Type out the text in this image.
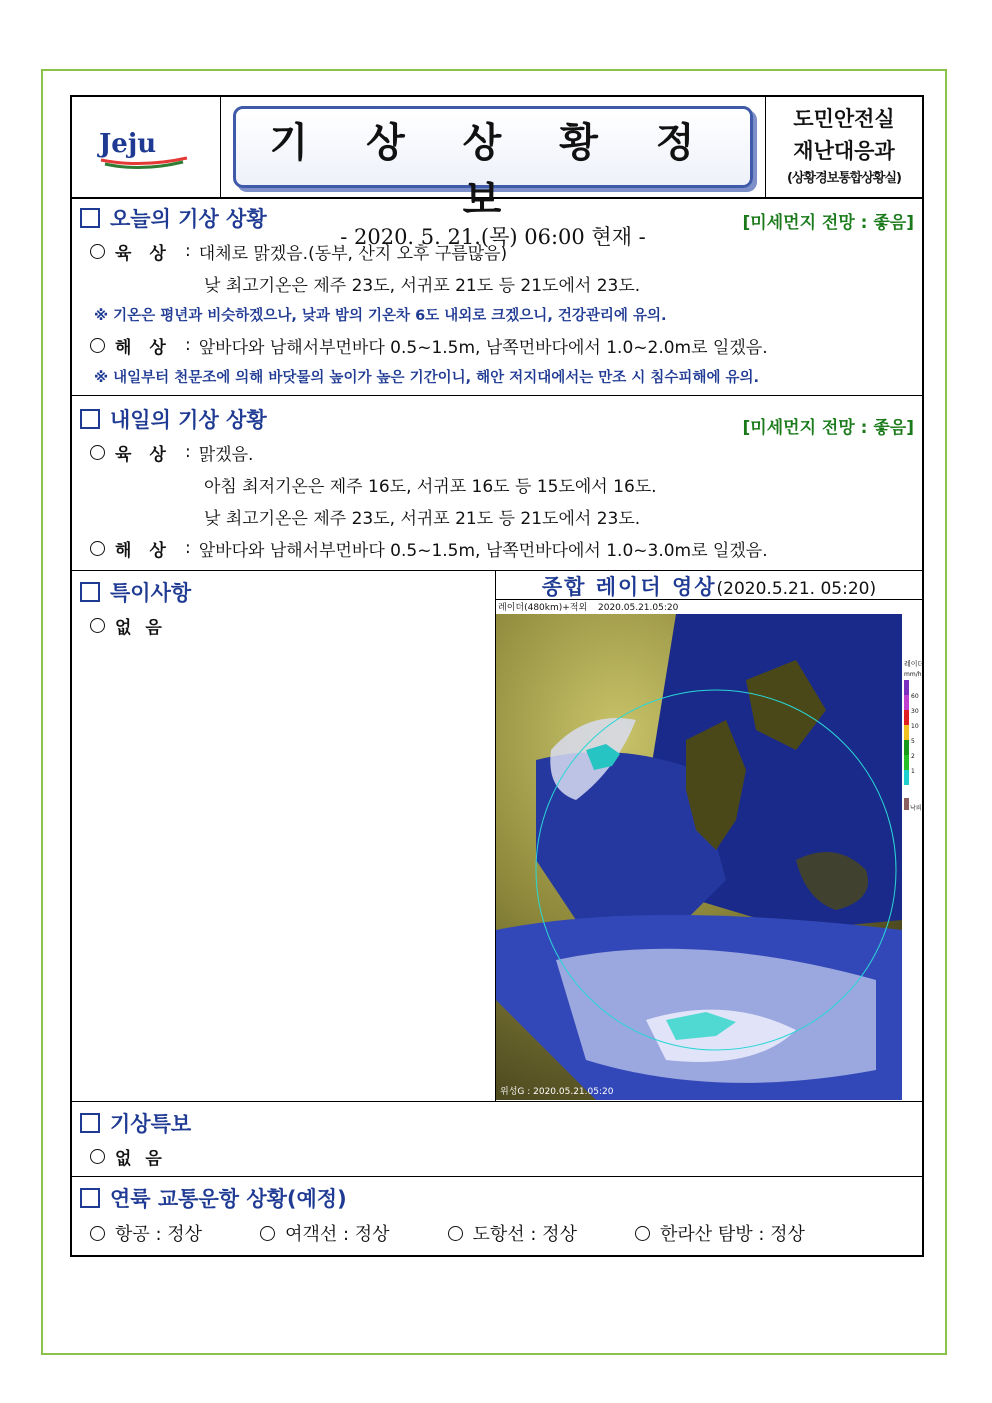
Jeju	기 상 상 황 정 보
- 2020. 5. 21.(목) 06:00 현재 -
도민안전실
재난대응과
(상황경보통합상황실)
오늘의 기상 상황	[미세먼지 전망 : 좋음]
육 상 : 대체로 맑겠음.(동부, 산지 오후 구름많음)
낮 최고기온은 제주 23도, 서귀포 21도 등 21도에서 23도.
※ 기온은 평년과 비슷하겠으나, 낮과 밤의 기온차 6도 내외로 크겠으니, 건강관리에 유의.
해 상 : 앞바다와 남해서부먼바다 0.5~1.5m, 남쪽먼바다에서 1.0~2.0m로 일겠음.
※ 내일부터 천문조에 의해 바닷물의 높이가 높은 기간이니, 해안 저지대에서는 만조 시 침수피해에 유의.
내일의 기상 상황	[미세먼지 전망 : 좋음]
육 상 : 맑겠음.
아침 최저기온은 제주 16도, 서귀포 16도 등 15도에서 16도.
낮 최고기온은 제주 23도, 서귀포 21도 등 21도에서 23도.
해 상 : 앞바다와 남해서부먼바다 0.5~1.5m, 남쪽먼바다에서 1.0~3.0m로 일겠음.
특이사항
없 음
종합 레이더 영상(2020.5.21. 05:20)
레이더(480km)+적외 2020.05.21.05:20
위성G : 2020.05.21.05:20
레이더
mm/h
60
30
10
5
2
1
낙뢰
기상특보
없 음
연륙 교통운항 상황(예정)
항공 : 정상	여객선 : 정상	도항선 : 정상	한라산 탐방 : 정상
